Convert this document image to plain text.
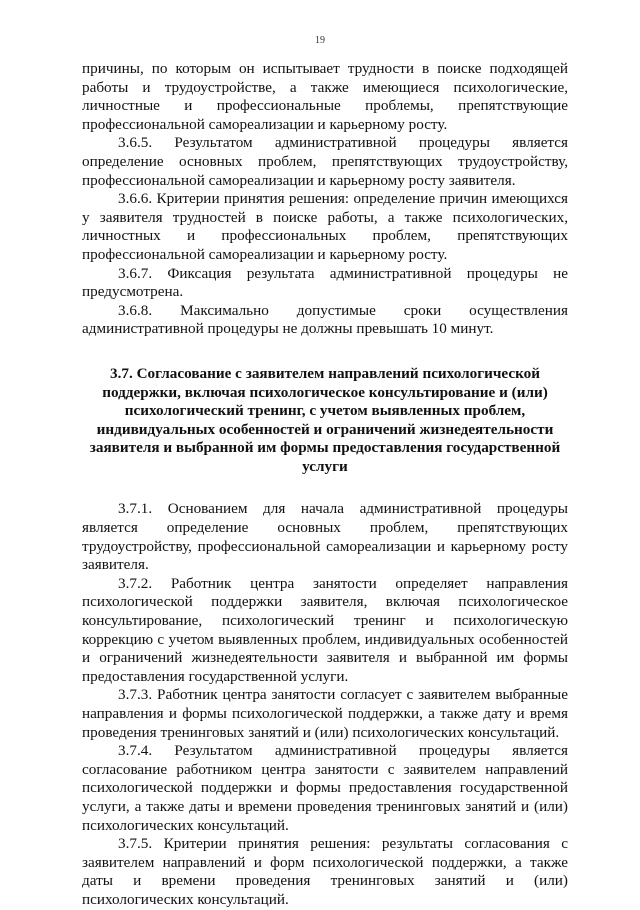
19

причины, по которым он испытывает трудности в поиске подходящей работы и трудоустройстве, а также имеющиеся психологические, личностные и профессиональные проблемы, препятствующие профессиональной самореализации и карьерному росту.

3.6.5. Результатом административной процедуры является определение основных проблем, препятствующих трудоустройству, профессиональной самореализации и карьерному росту заявителя.

3.6.6. Критерии принятия решения: определение причин имеющихся у заявителя трудностей в поиске работы, а также психологических, личностных и профессиональных проблем, препятствующих профессиональной самореализации и карьерному росту.

3.6.7. Фиксация результата административной процедуры не предусмотрена.

3.6.8. Максимально допустимые сроки осуществления административной процедуры не должны превышать 10 минут.

3.7. Согласование с заявителем направлений психологической поддержки, включая психологическое консультирование и (или) психологический тренинг, с учетом выявленных проблем, индивидуальных особенностей и ограничений жизнедеятельности заявителя и выбранной им формы предоставления государственной услуги

3.7.1. Основанием для начала административной процедуры является определение основных проблем, препятствующих трудоустройству, профессиональной самореализации и карьерному росту заявителя.

3.7.2. Работник центра занятости определяет направления психологической поддержки заявителя, включая психологическое консультирование, психологический тренинг и психологическую коррекцию с учетом выявленных проблем, индивидуальных особенностей и ограничений жизнедеятельности заявителя и выбранной им формы предоставления государственной услуги.

3.7.3. Работник центра занятости согласует с заявителем выбранные направления и формы психологической поддержки, а также дату и время проведения тренинговых занятий и (или) психологических консультаций.

3.7.4. Результатом административной процедуры является согласование работником центра занятости с заявителем направлений психологической поддержки и формы предоставления государственной услуги, а также даты и времени проведения тренинговых занятий и (или) психологических консультаций.

3.7.5. Критерии принятия решения: результаты согласования с заявителем направлений и форм психологической поддержки, а также даты и времени проведения тренинговых занятий и (или) психологических консультаций.
